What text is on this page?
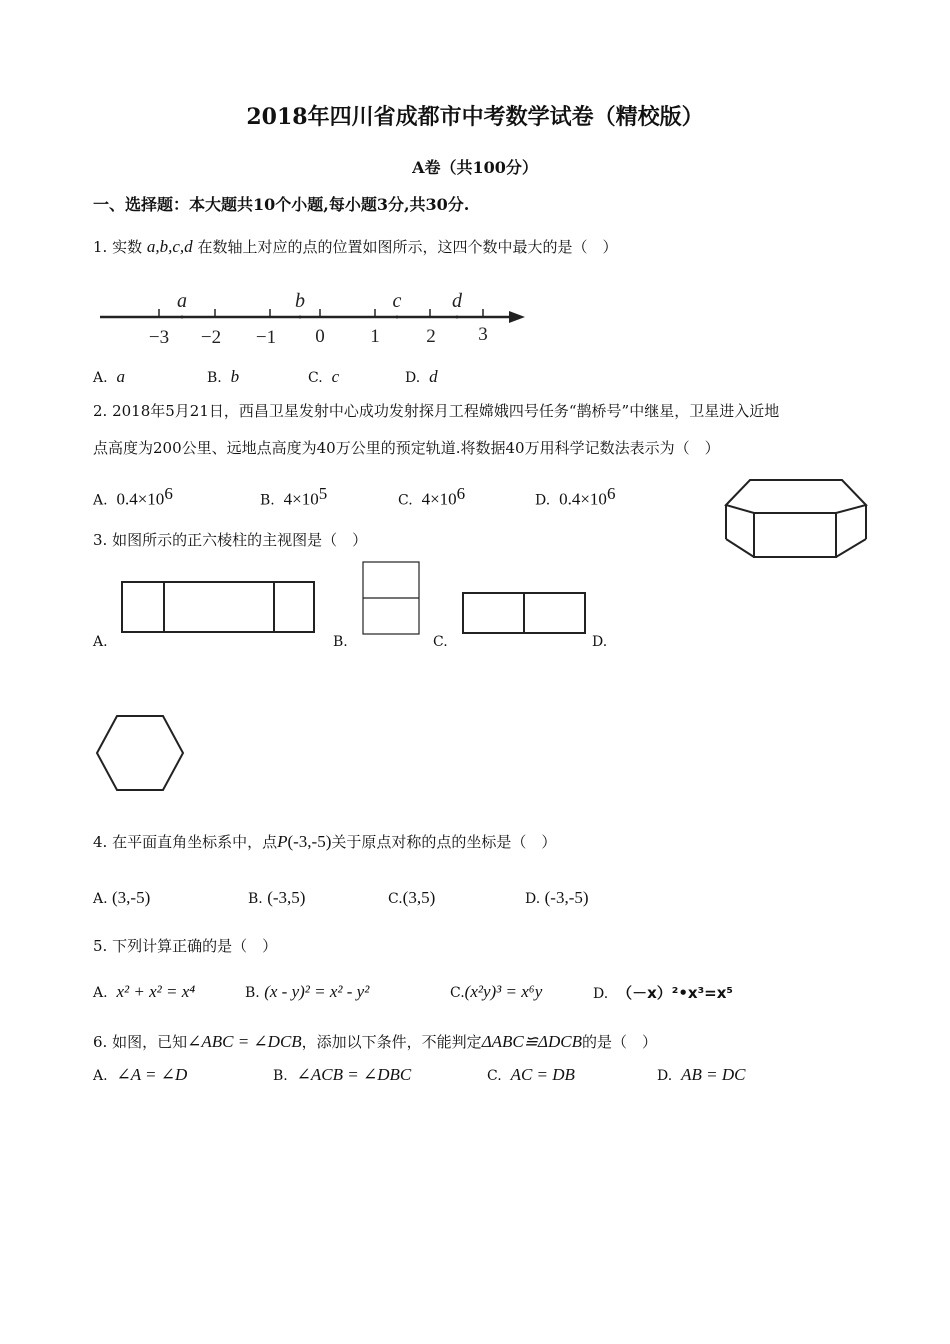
2018年四川省成都市中考数学试卷（精校版）
A卷（共100分）
一、选择题：本大题共10个小题,每小题3分,共30分.
1. 实数 a,b,c,d 在数轴上对应的点的位置如图所示，这四个数中最大的是（　）
−3 −2 −1 0 1 2 3
a	b	c	d
A. a	B. b	C. c	D. d
2. 2018年5月21日，西昌卫星发射中心成功发射探月工程嫦娥四号任务“鹊桥号”中继星，卫星进入近地
点高度为200公里、远地点高度为40万公里的预定轨道.将数据40万用科学记数法表示为（　）
A. $0.4\times 10^6$	B. $4\times 10^5$	C. $4\times 10^6$	D. $0.4\times 10^6$
3. 如图所示的正六棱柱的主视图是（　）
A.	B.	C.	D.
4. 在平面直角坐标系中，点P(-3,-5)关于原点对称的点的坐标是（　）
A. (3,-5)	B. (-3,5)	C.(3,5)	D. (-3,-5)
5. 下列计算正确的是（　）
A. x² + x² = x⁴	B. (x - y)² = x² - y²	C.(x²y)³ = x⁶y	D. （－x）²•x³=x⁵
6. 如图，已知∠ABC = ∠DCB，添加以下条件，不能判定ΔABC≌ΔDCB的是（　）
A. ∠A = ∠D	B. ∠ACB = ∠DBC	C. AC = DB	D. AB = DC
